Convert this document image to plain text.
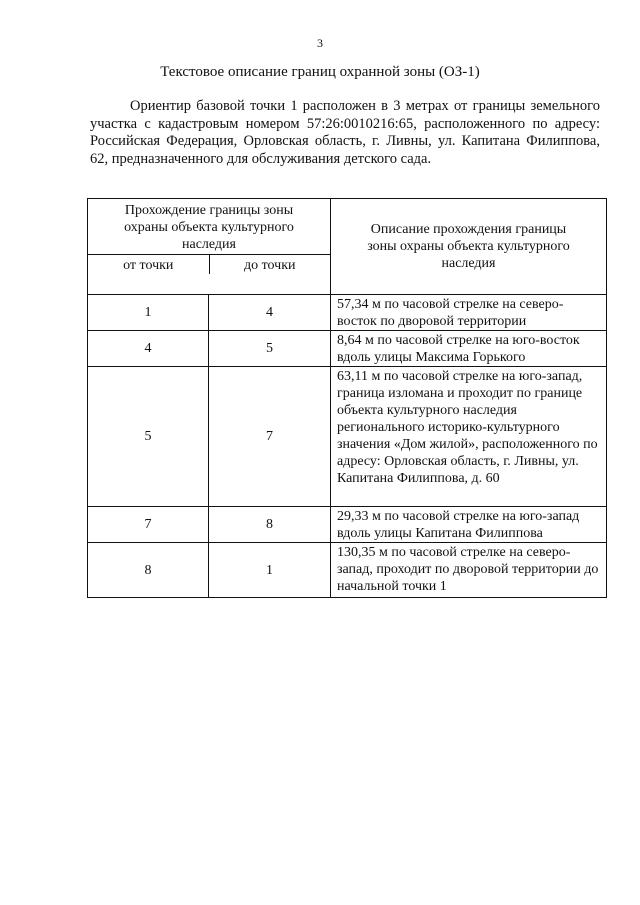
3
Текстовое описание границ охранной зоны (ОЗ-1)
Ориентир базовой точки 1 расположен в 3 метрах от границы земельного участка с кадастровым номером 57:26:0010216:65, расположенного по адресу: Российская Федерация, Орловская область, г. Ливны, ул. Капитана Филиппова, 62, предназначенного для обслуживания детского сада.
Прохождение границы зоны охраны объекта культурного наследия
от точки до точки		Описание прохождения границы зоны охраны объекта культурного наследия
1	4	57,34 м по часовой стрелке на северо-восток по дворовой территории
4	5	8,64 м по часовой стрелке на юго-восток вдоль улицы Максима Горького
5	7	63,11 м по часовой стрелке на юго-запад, граница изломана и проходит по границе объекта культурного наследия регионального историко-культурного значения «Дом жилой», расположенного по адресу: Орловская область, г. Ливны, ул. Капитана Филиппова, д. 60
7	8	29,33 м по часовой стрелке на юго-запад вдоль улицы Капитана Филиппова
8	1	130,35 м по часовой стрелке на северо-запад, проходит по дворовой территории до начальной точки 1
